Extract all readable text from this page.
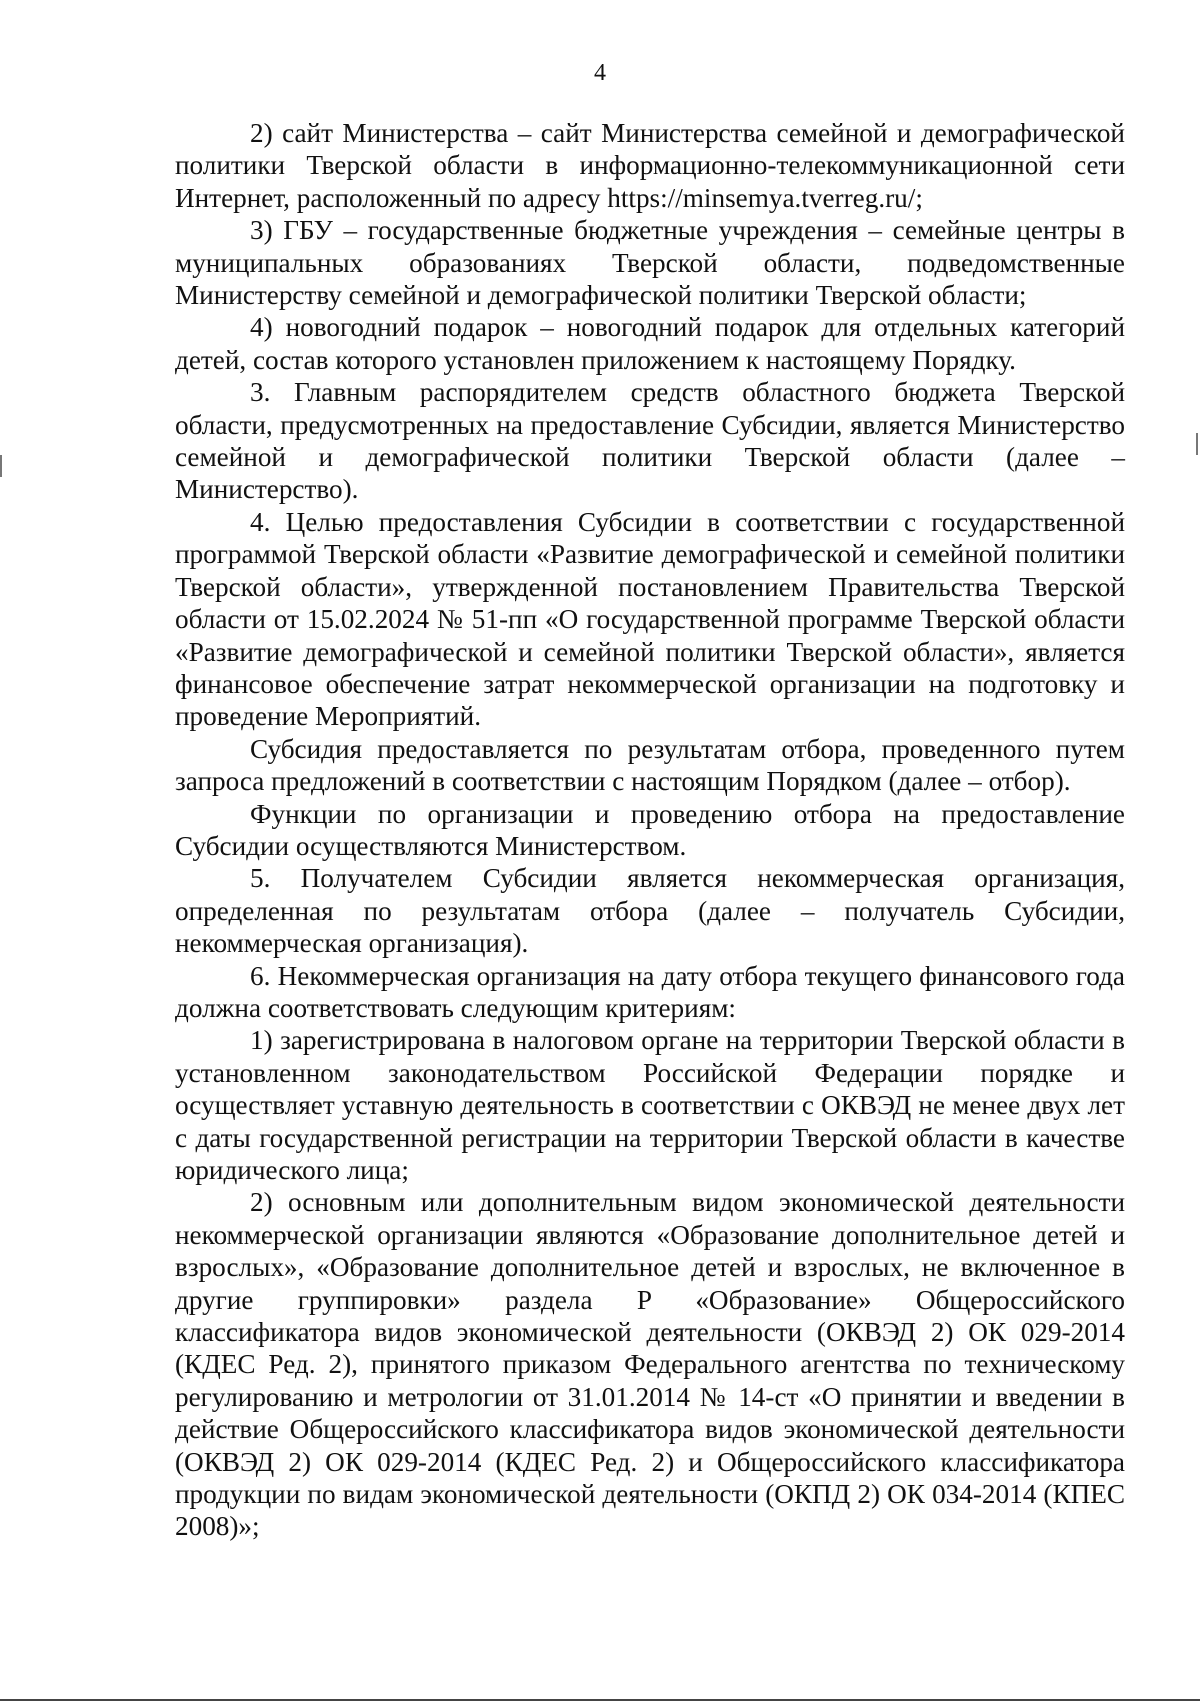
4

2) сайт Министерства – сайт Министерства семейной и демографической политики Тверской области в информационно-телекоммуникационной сети Интернет, расположенный по адресу https://minsemya.tverreg.ru/;

3) ГБУ – государственные бюджетные учреждения – семейные центры в муниципальных образованиях Тверской области, подведомственные Министерству семейной и демографической политики Тверской области;

4) новогодний подарок – новогодний подарок для отдельных категорий детей, состав которого установлен приложением к настоящему Порядку.

3. Главным распорядителем средств областного бюджета Тверской области, предусмотренных на предоставление Субсидии, является Министерство семейной и демографической политики Тверской области (далее – Министерство).

4. Целью предоставления Субсидии в соответствии с государственной программой Тверской области «Развитие демографической и семейной политики Тверской области», утвержденной постановлением Правительства Тверской области от 15.02.2024 № 51-пп «О государственной программе Тверской области «Развитие демографической и семейной политики Тверской области», является финансовое обеспечение затрат некоммерческой организации на подготовку и проведение Мероприятий.

Субсидия предоставляется по результатам отбора, проведенного путем запроса предложений в соответствии с настоящим Порядком (далее – отбор).

Функции по организации и проведению отбора на предоставление Субсидии осуществляются Министерством.

5. Получателем Субсидии является некоммерческая организация, определенная по результатам отбора (далее – получатель Субсидии, некоммерческая организация).

6. Некоммерческая организация на дату отбора текущего финансового года должна соответствовать следующим критериям:

1) зарегистрирована в налоговом органе на территории Тверской области в установленном законодательством Российской Федерации порядке и осуществляет уставную деятельность в соответствии с ОКВЭД не менее двух лет с даты государственной регистрации на территории Тверской области в качестве юридического лица;

2) основным или дополнительным видом экономической деятельности некоммерческой организации являются «Образование дополнительное детей и взрослых», «Образование дополнительное детей и взрослых, не включенное в другие группировки» раздела P «Образование» Общероссийского классификатора видов экономической деятельности (ОКВЭД 2) ОК 029-2014 (КДЕС Ред. 2), принятого приказом Федерального агентства по техническому регулированию и метрологии от 31.01.2014 № 14-ст «О принятии и введении в действие Общероссийского классификатора видов экономической деятельности (ОКВЭД 2) ОК 029-2014 (КДЕС Ред. 2) и Общероссийского классификатора продукции по видам экономической деятельности (ОКПД 2) ОК 034-2014 (КПЕС 2008)»;
